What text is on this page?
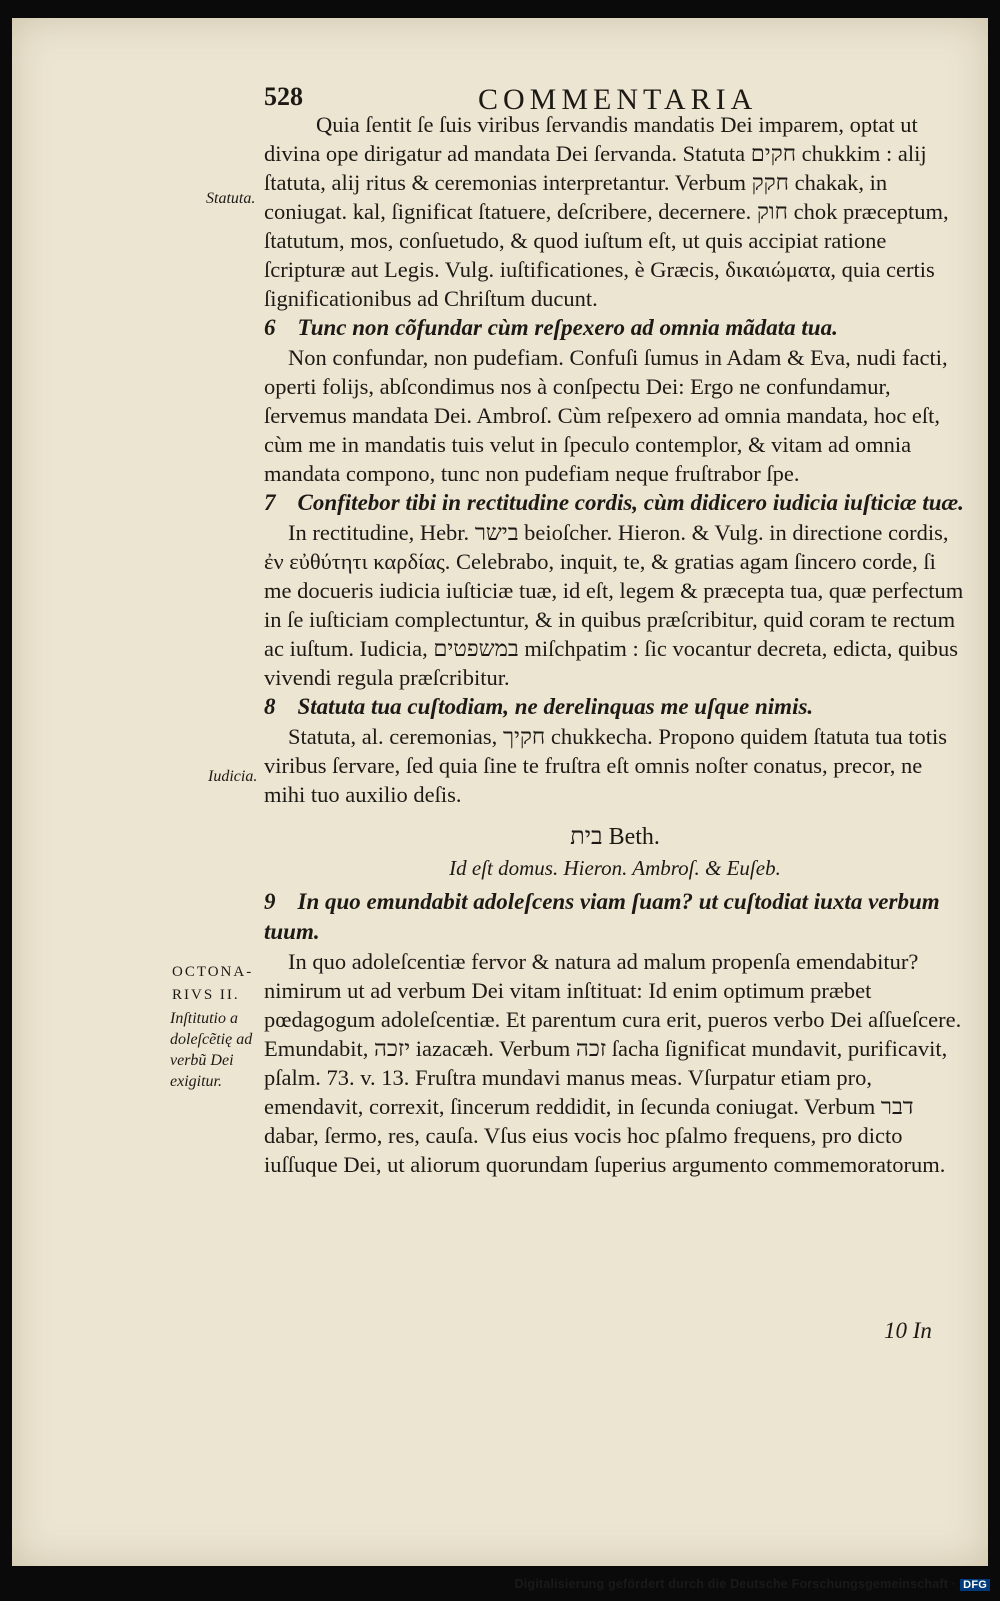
528	COMMENTARIA
Statuta.
Iudicia.
OCTONA-
RIVS II.
Inſtitutio a
doleſcẽtię ad
verbũ Dei
exigitur.

Quia ſentit ſe ſuis viribus ſervandis mandatis Dei imparem, optat ut divina ope dirigatur ad mandata Dei ſervanda. Statuta חקים chukkim : alij ſtatuta, alij ritus & ceremonias interpretantur. Verbum חקק chakak, in coniugat. kal, ſignificat ſtatuere, deſcribere, decernere. חוק chok præceptum, ſtatutum, mos, conſuetudo, & quod iuſtum eſt, ut quis accipiat ratione ſcripturæ aut Legis. Vulg. iuſtificationes, è Græcis, δικαιώματα, quia certis ſignificationibus ad Chriſtum ducunt.

6 Tunc non cõfundar cùm reſpexero ad omnia mãdata tua.

Non confundar, non pudefiam. Confuſi ſumus in Adam & Eva, nudi facti, operti folijs, abſcondimus nos à conſpectu Dei: Ergo ne confundamur, ſervemus mandata Dei. Ambroſ. Cùm reſpexero ad omnia mandata, hoc eſt, cùm me in mandatis tuis velut in ſpeculo contemplor, & vitam ad omnia mandata compono, tunc non pudefiam neque fruſtrabor ſpe.

7 Confitebor tibi in rectitudine cordis, cùm didicero iudicia iuſticiæ tuæ.

In rectitudine, Hebr. בישר beioſcher. Hieron. & Vulg. in directione cordis, ἐν εὐθύτητι καρδίας. Celebrabo, inquit, te, & gratias agam ſincero corde, ſi me docueris iudicia iuſticiæ tuæ, id eſt, legem & præcepta tua, quæ perfectum in ſe iuſticiam complectuntur, & in quibus præſcribitur, quid coram te rectum ac iuſtum. Iudicia, במשפטים miſchpatim : ſic vocantur decreta, edicta, quibus vivendi regula præſcribitur.

8 Statuta tua cuſtodiam, ne derelinquas me uſque nimis.

Statuta, al. ceremonias, חקיך chukkecha. Propono quidem ſtatuta tua totis viribus ſervare, ſed quia ſine te fruſtra eſt omnis noſter conatus, precor, ne mihi tuo auxilio deſis.

בית Beth.
Id eſt domus. Hieron. Ambroſ. & Euſeb.
9 In quo emundabit adoleſcens viam ſuam? ut cuſtodiat iuxta verbum tuum.

In quo adoleſcentiæ fervor & natura ad malum propenſa emendabitur? nimirum ut ad verbum Dei vitam inſtituat: Id enim optimum præbet pœdagogum adoleſcentiæ. Et parentum cura erit, pueros verbo Dei aſſueſcere. Emundabit, יזכה iazacæh. Verbum זכה ſacha ſignificat mundavit, purificavit, pſalm. 73. v. 13. Fruſtra mundavi manus meas. Vſurpatur etiam pro, emendavit, correxit, ſincerum reddidit, in ſecunda coniugat. Verbum דבר dabar, ſermo, res, cauſa. Vſus eius vocis hoc pſalmo frequens, pro dicto iuſſuque Dei, ut aliorum quorundam ſuperius argumento commemoratorum.

10 In
Digitalisierung gefördert durch die Deutsche Forschungsgemeinschaft · DFG
